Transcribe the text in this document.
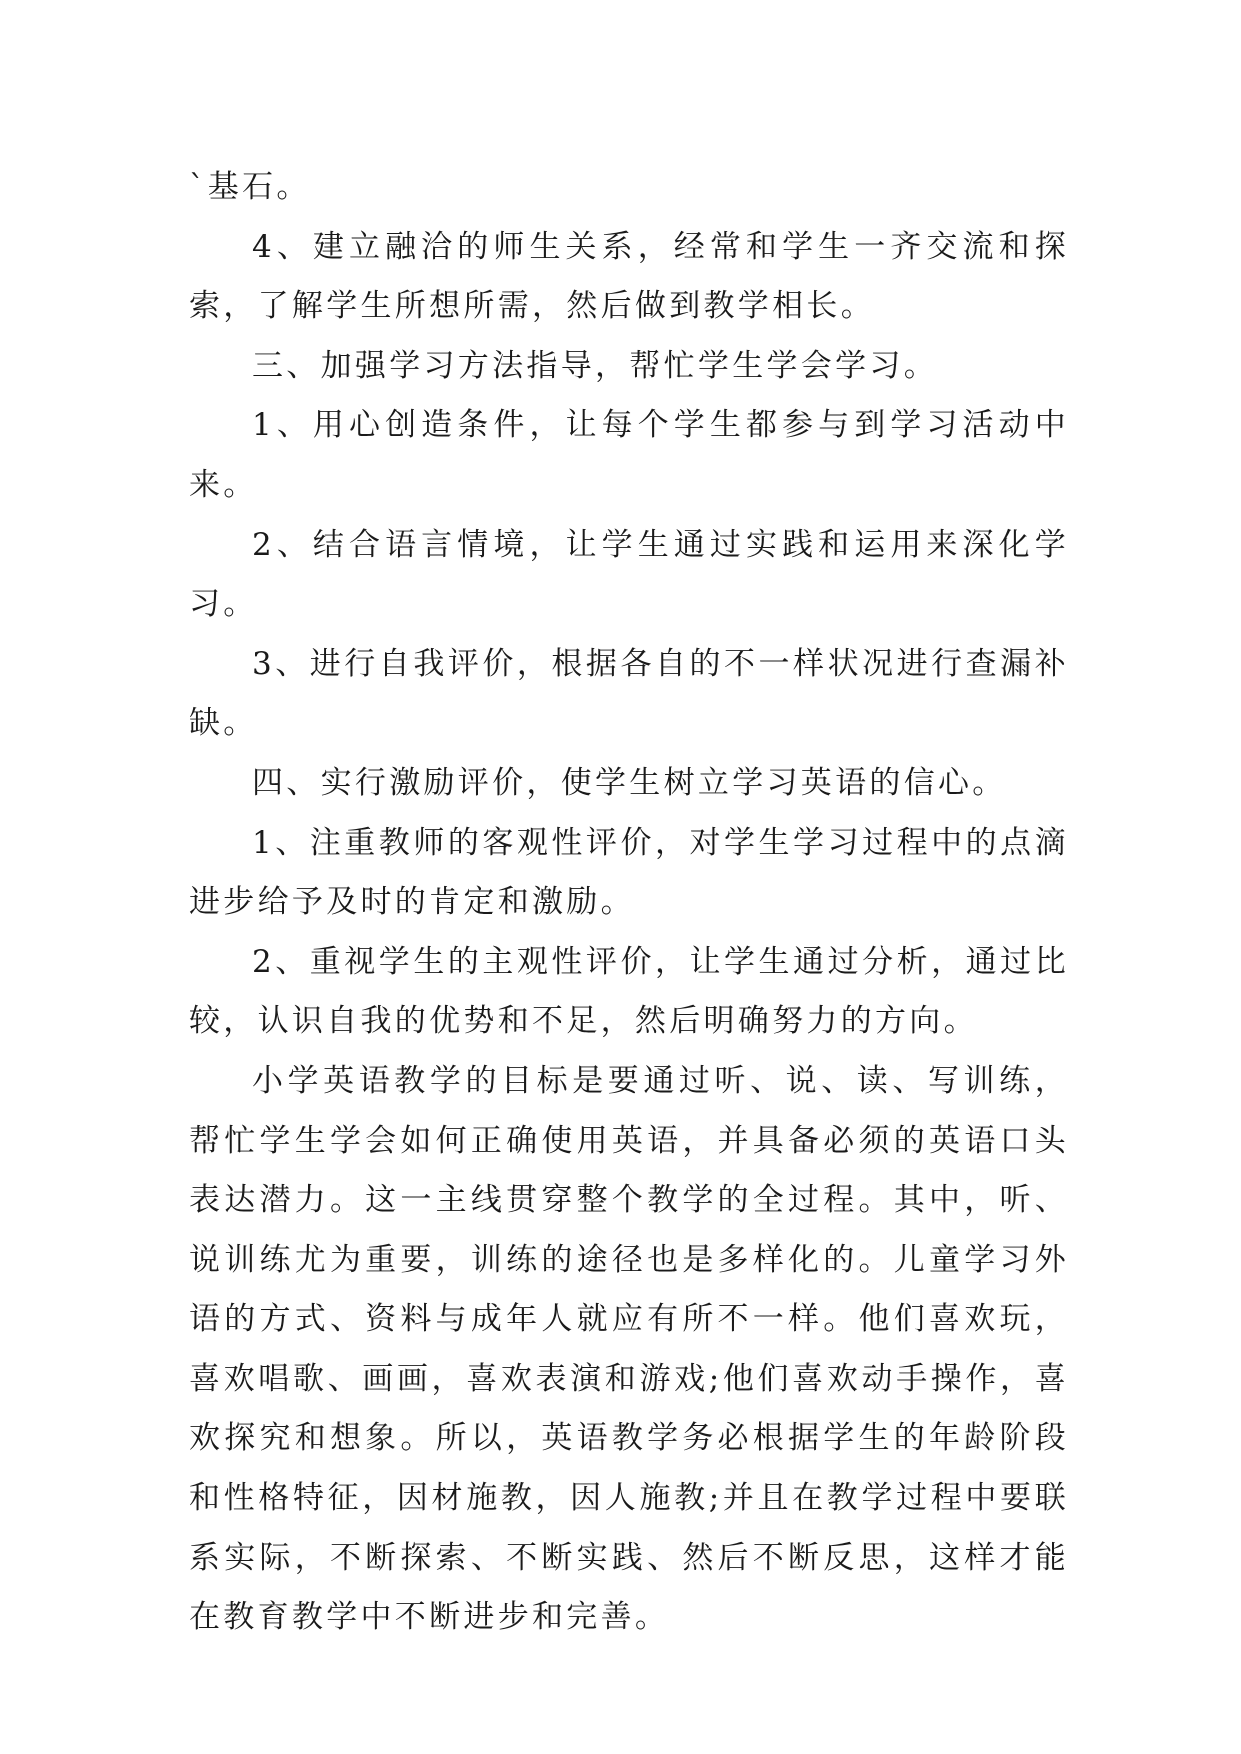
`基石。

4、建立融洽的师生关系，经常和学生一齐交流和探索，了解学生所想所需，然后做到教学相长。

三、加强学习方法指导，帮忙学生学会学习。

1、用心创造条件，让每个学生都参与到学习活动中来。

2、结合语言情境，让学生通过实践和运用来深化学习。

3、进行自我评价，根据各自的不一样状况进行查漏补缺。

四、实行激励评价，使学生树立学习英语的信心。

1、注重教师的客观性评价，对学生学习过程中的点滴进步给予及时的肯定和激励。

2、重视学生的主观性评价，让学生通过分析，通过比较，认识自我的优势和不足，然后明确努力的方向。

小学英语教学的目标是要通过听、说、读、写训练，帮忙学生学会如何正确使用英语，并具备必须的英语口头表达潜力。这一主线贯穿整个教学的全过程。其中，听、说训练尤为重要，训练的途径也是多样化的。儿童学习外语的方式、资料与成年人就应有所不一样。他们喜欢玩，喜欢唱歌、画画，喜欢表演和游戏;他们喜欢动手操作，喜欢探究和想象。所以，英语教学务必根据学生的年龄阶段和性格特征，因材施教，因人施教;并且在教学过程中要联系实际，不断探索、不断实践、然后不断反思，这样才能在教育教学中不断进步和完善。
